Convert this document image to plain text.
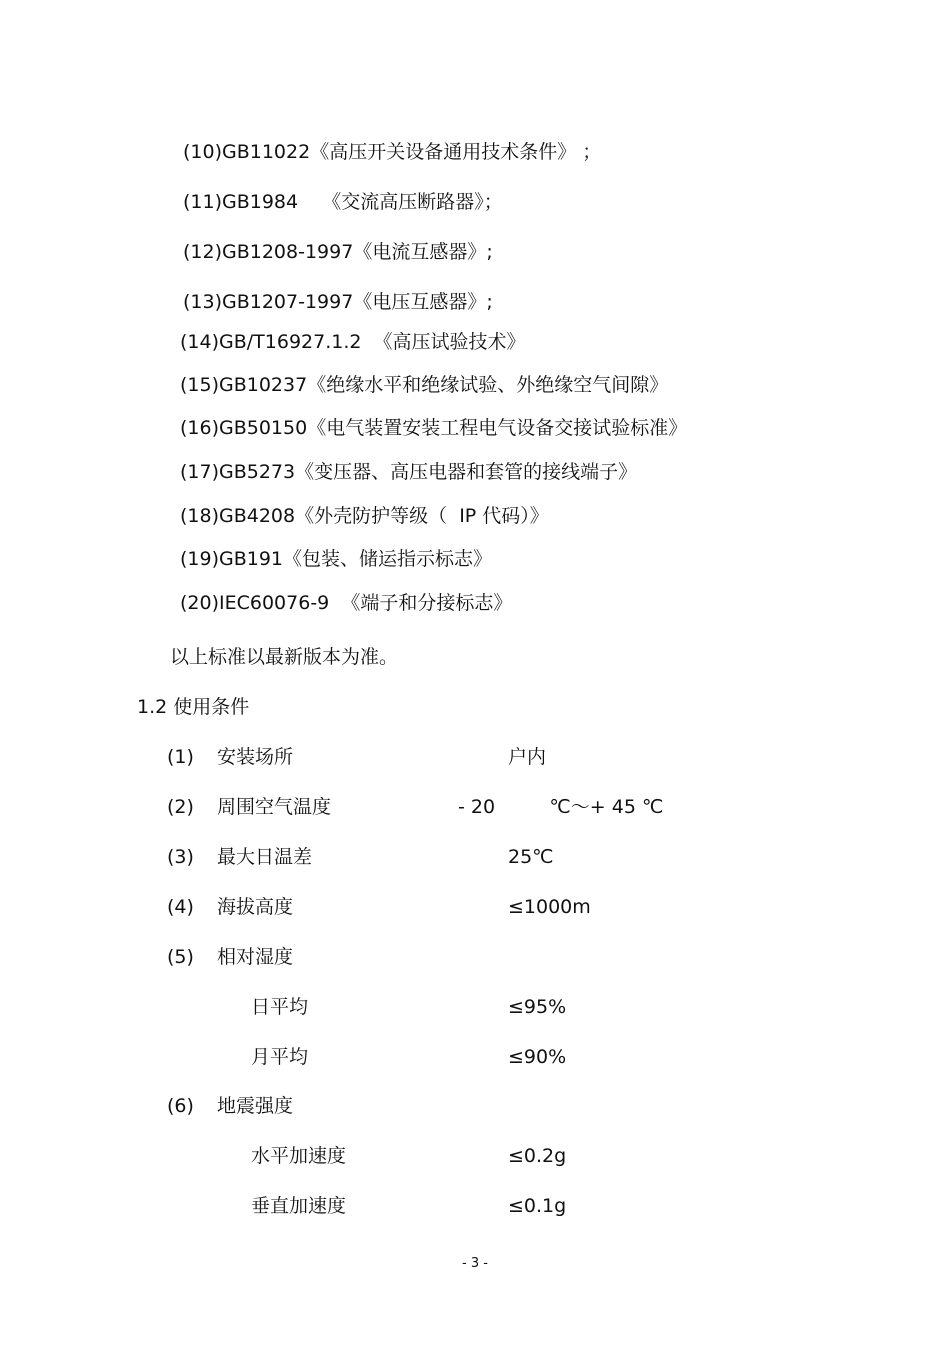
(10)GB11022《高压开关设备通用技术条件》 ；
(11)GB1984    《交流高压断路器》；
(12)GB1208-1997《电流互感器》;
(13)GB1207-1997《电压互感器》;
(14)GB/T16927.1.2  《高压试验技术》
(15)GB10237《绝缘水平和绝缘试验、外绝缘空气间隙》
(16)GB50150《电气装置安装工程电气设备交接试验标准》
(17)GB5273《变压器、高压电器和套管的接线端子》
(18)GB4208《外壳防护等级（  IP 代码）》
(19)GB191《包装、储运指示标志》
(20)IEC60076-9  《端子和分接标志》
以上标准以最新版本为准。
1.2 使用条件
(1) 安装场所	户内
(2) 周围空气温度	- 20         ℃～+ 45 ℃
(3) 最大日温差	25℃
(4) 海拔高度	≤1000m
(5) 相对湿度
日平均	≤95%
月平均	≤90%
(6) 地震强度
水平加速度	≤0.2g
垂直加速度	≤0.1g
- 3 -
